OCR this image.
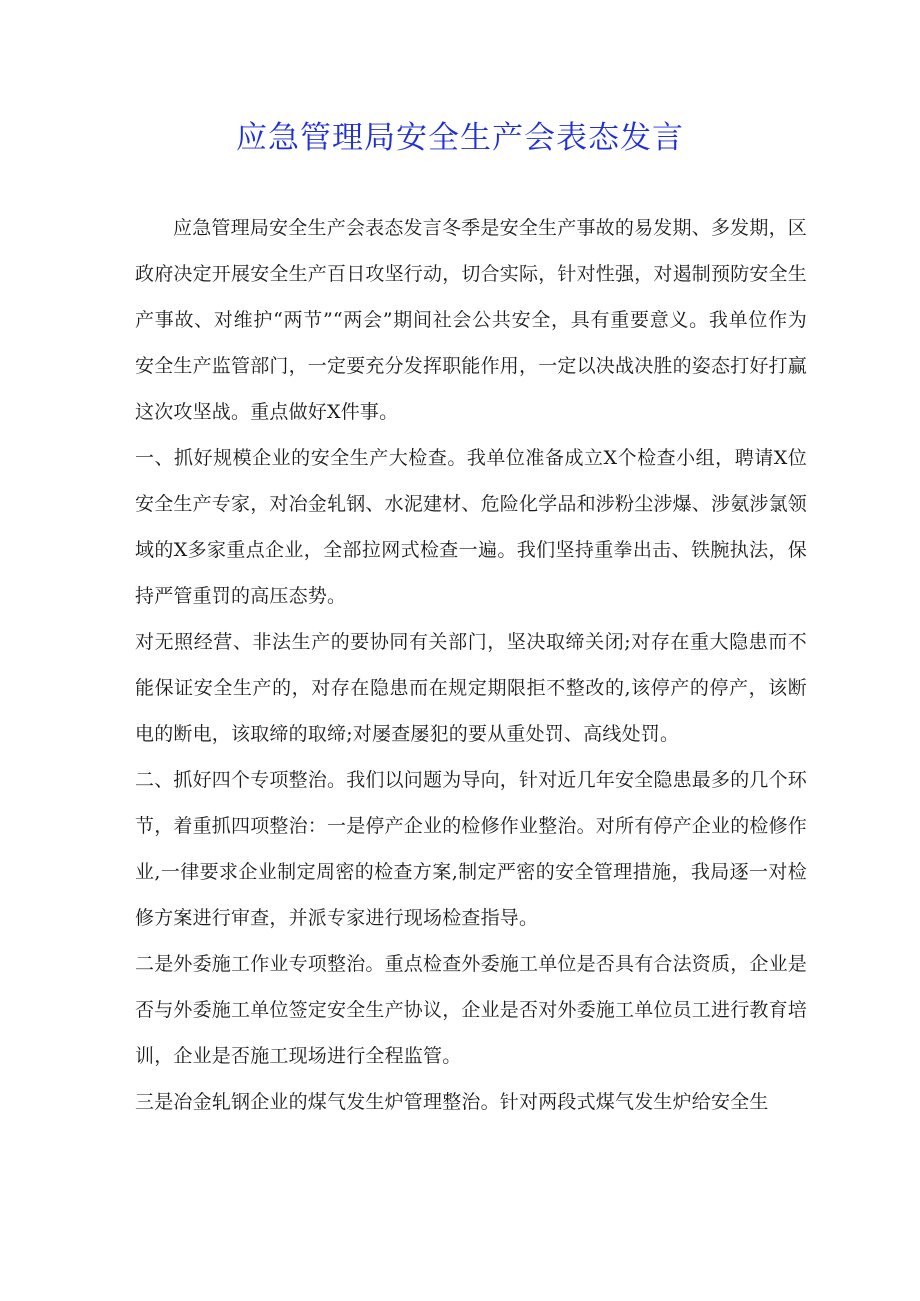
应急管理局安全生产会表态发言

应急管理局安全生产会表态发言冬季是安全生产事故的易发期、多发期，区政府决定开展安全生产百日攻坚行动，切合实际，针对性强，对遏制预防安全生产事故、对维护“两节”“两会”期间社会公共安全，具有重要意义。我单位作为安全生产监管部门，一定要充分发挥职能作用，一定以决战决胜的姿态打好打赢这次攻坚战。重点做好X件事。

一、抓好规模企业的安全生产大检查。我单位准备成立X个检查小组，聘请X位安全生产专家，对冶金轧钢、水泥建材、危险化学品和涉粉尘涉爆、涉氨涉氯领域的X多家重点企业，全部拉网式检查一遍。我们坚持重拳出击、铁腕执法，保持严管重罚的高压态势。

对无照经营、非法生产的要协同有关部门，坚决取缔关闭;对存在重大隐患而不能保证安全生产的，对存在隐患而在规定期限拒不整改的,该停产的停产，该断电的断电，该取缔的取缔;对屡查屡犯的要从重处罚、高线处罚。

二、抓好四个专项整治。我们以问题为导向，针对近几年安全隐患最多的几个环节，着重抓四项整治：一是停产企业的检修作业整治。对所有停产企业的检修作业,一律要求企业制定周密的检查方案,制定严密的安全管理措施，我局逐一对检修方案进行审查，并派专家进行现场检查指导。

二是外委施工作业专项整治。重点检查外委施工单位是否具有合法资质，企业是否与外委施工单位签定安全生产协议，企业是否对外委施工单位员工进行教育培训，企业是否施工现场进行全程监管。

三是冶金轧钢企业的煤气发生炉管理整治。针对两段式煤气发生炉给安全生
